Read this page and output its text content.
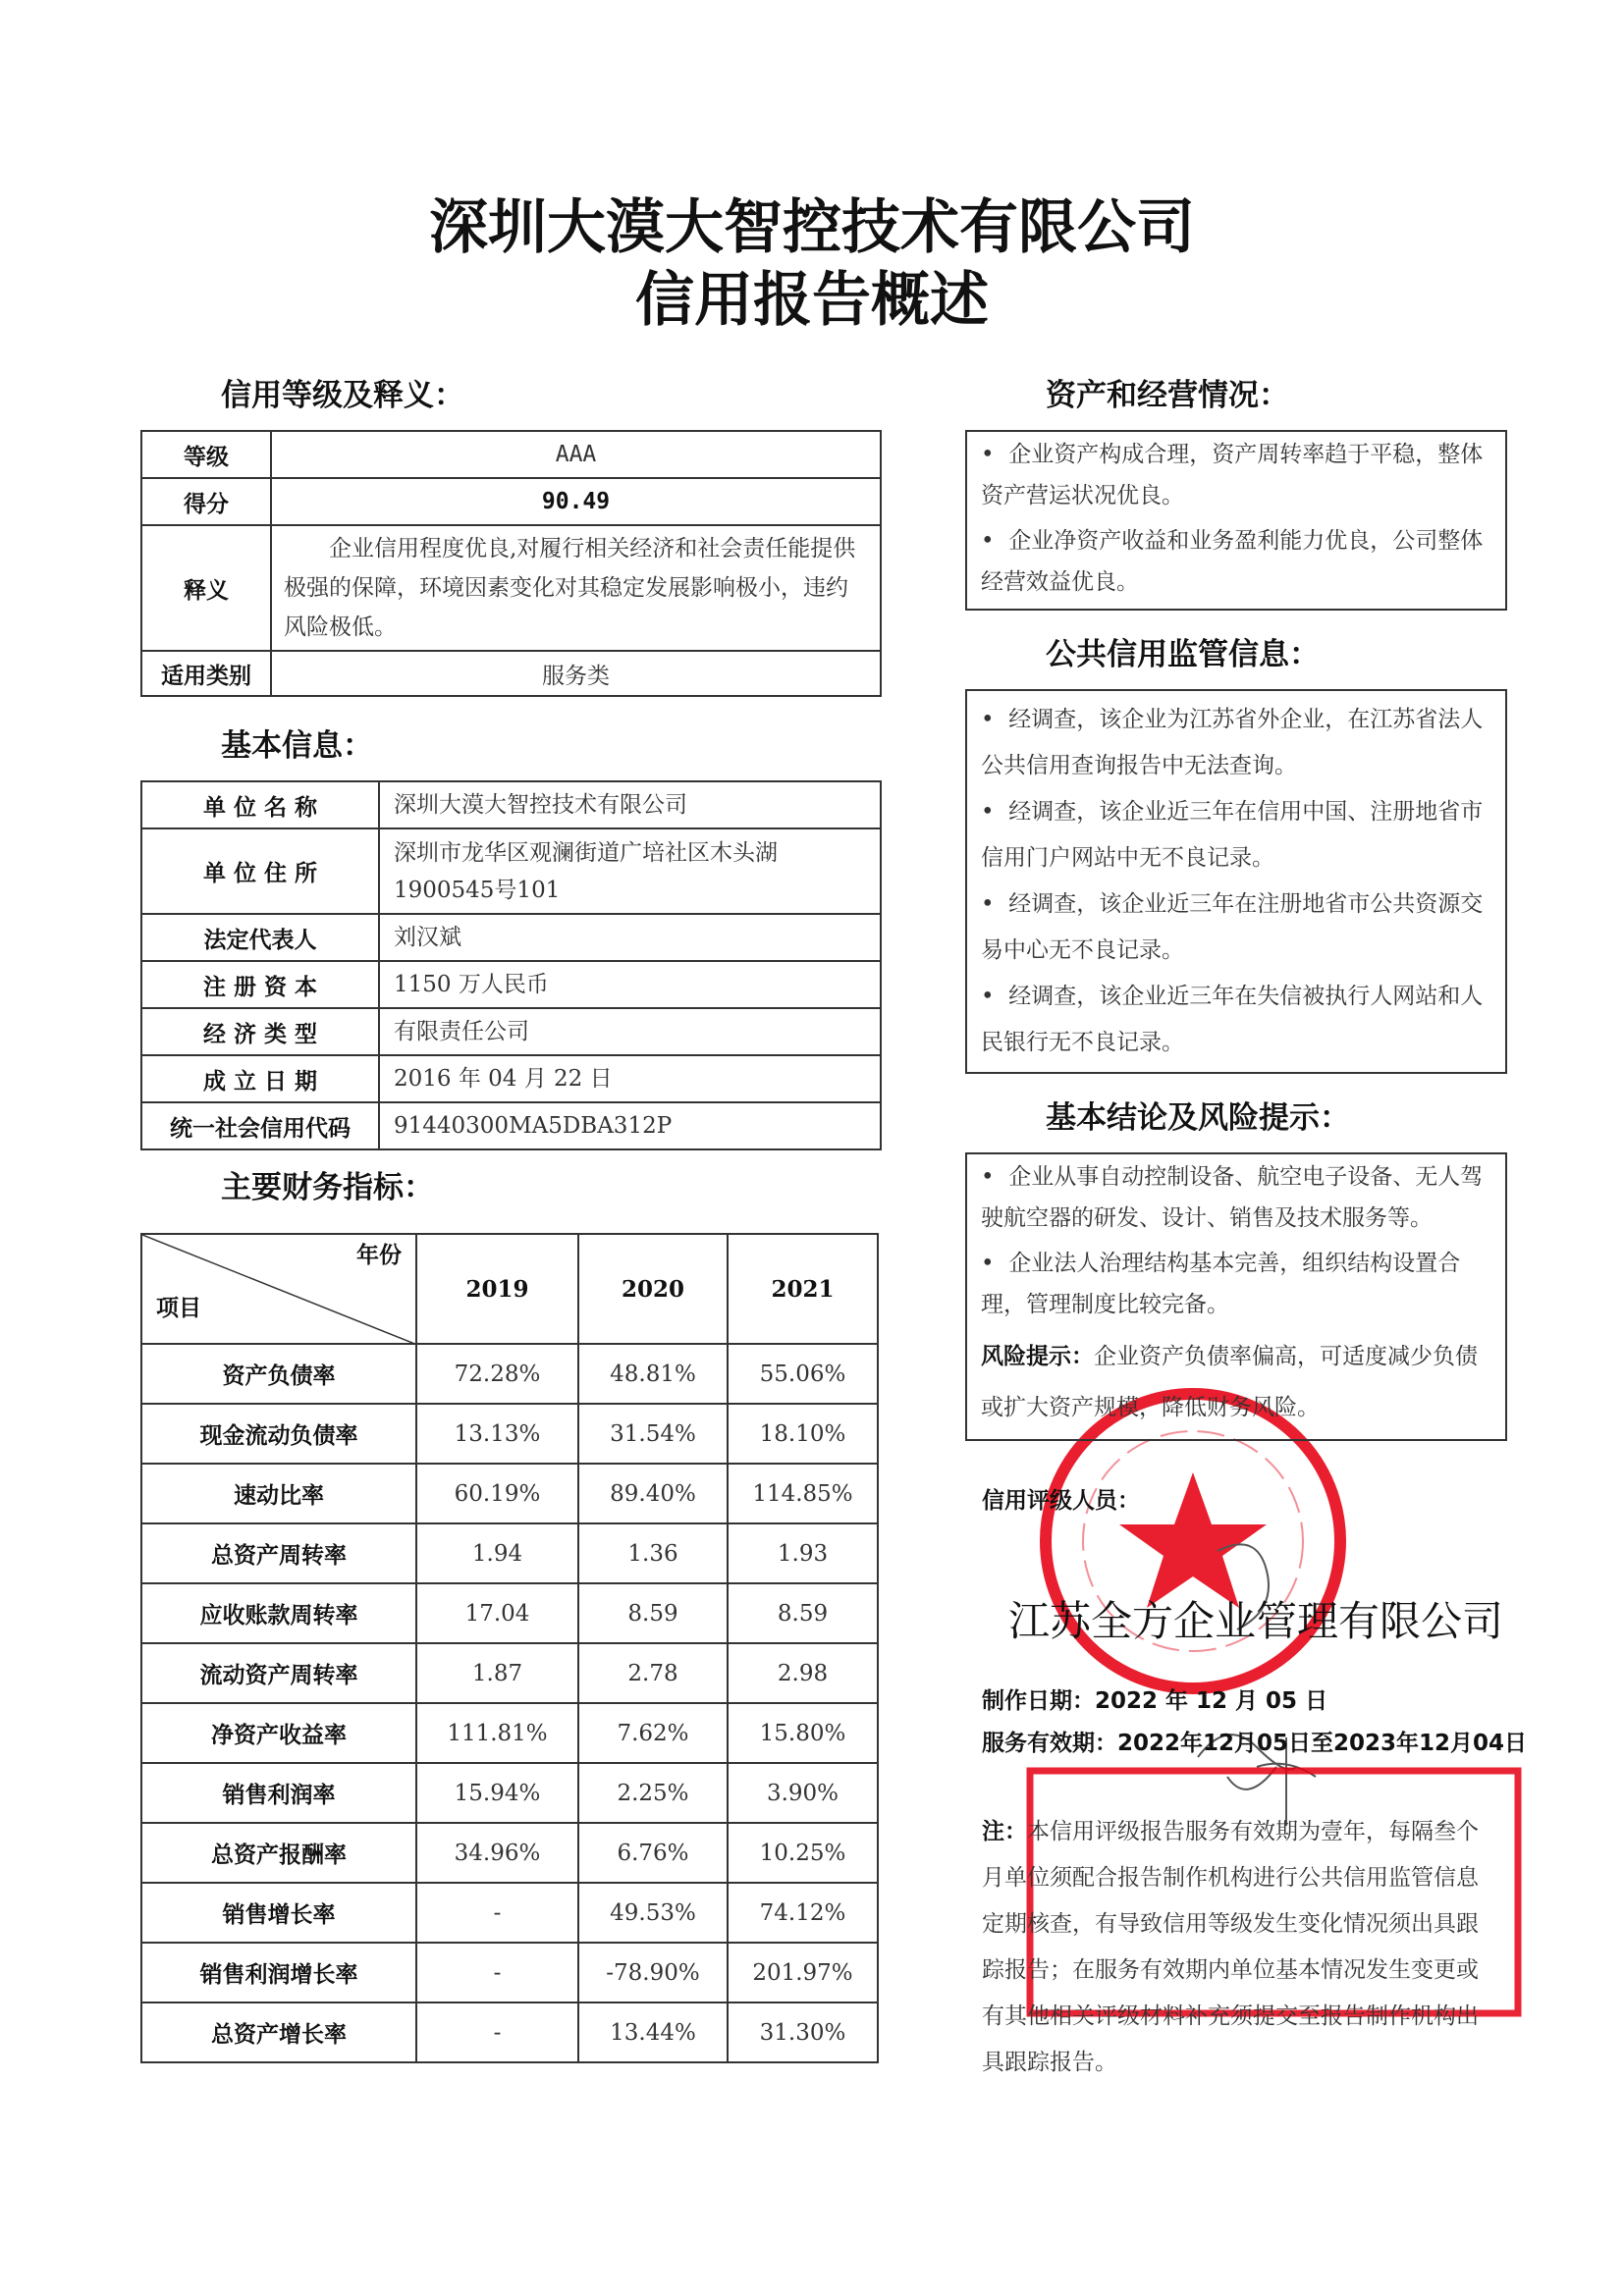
深圳大漠大智控技术有限公司
信用报告概述
信用等级及释义：
等级	AAA
得分	90.49
释义	企业信用程度优良,对履行相关经济和社会责任能提供极强的保障，环境因素变化对其稳定发展影响极小，违约风险极低。
适用类别	服务类
基本信息：
单 位 名 称	深圳大漠大智控技术有限公司
单 位 住 所	深圳市龙华区观澜街道广培社区木头湖1900545号101
法定代表人	刘汉斌
注 册 资 本	1150 万人民币
经 济 类 型	有限责任公司
成 立 日 期	2016 年 04 月 22 日
统一社会信用代码	91440300MA5DBA312P
主要财务指标：
年份
项目	2019	2020	2021
资产负债率	72.28%	48.81%	55.06%
现金流动负债率	13.13%	31.54%	18.10%
速动比率	60.19%	89.40%	114.85%
总资产周转率	1.94	1.36	1.93
应收账款周转率	17.04	8.59	8.59
流动资产周转率	1.87	2.78	2.98
净资产收益率	111.81%	7.62%	15.80%
销售利润率	15.94%	2.25%	3.90%
总资产报酬率	34.96%	6.76%	10.25%
销售增长率	-	49.53%	74.12%
销售利润增长率	-	-78.90%	201.97%
总资产增长率	-	13.44%	31.30%
资产和经营情况：

•  企业资产构成合理，资产周转率趋于平稳，整体资产营运状况优良。

•  企业净资产收益和业务盈利能力优良，公司整体经营效益优良。

公共信用监管信息：

•  经调查，该企业为江苏省外企业，在江苏省法人公共信用查询报告中无法查询。

•  经调查，该企业近三年在信用中国、注册地省市信用门户网站中无不良记录。

•  经调查，该企业近三年在注册地省市公共资源交易中心无不良记录。

•  经调查，该企业近三年在失信被执行人网站和人民银行无不良记录。

基本结论及风险提示：

•  企业从事自动控制设备、航空电子设备、无人驾驶航空器的研发、设计、销售及技术服务等。

•  企业法人治理结构基本完善，组织结构设置合理，管理制度比较完备。

风险提示：企业资产负债率偏高，可适度减少负债或扩大资产规模，降低财务风险。

信用评级人员：
江苏全方企业管理有限公司
制作日期：2022 年 12 月 05 日
服务有效期：2022年12月05日至2023年12月04日
注：本信用评级报告服务有效期为壹年，每隔叁个月单位须配合报告制作机构进行公共信用监管信息定期核查，有导致信用等级发生变化情况须出具跟踪报告；在服务有效期内单位基本情况发生变更或有其他相关评级材料补充须提交至报告制作机构出具跟踪报告。
